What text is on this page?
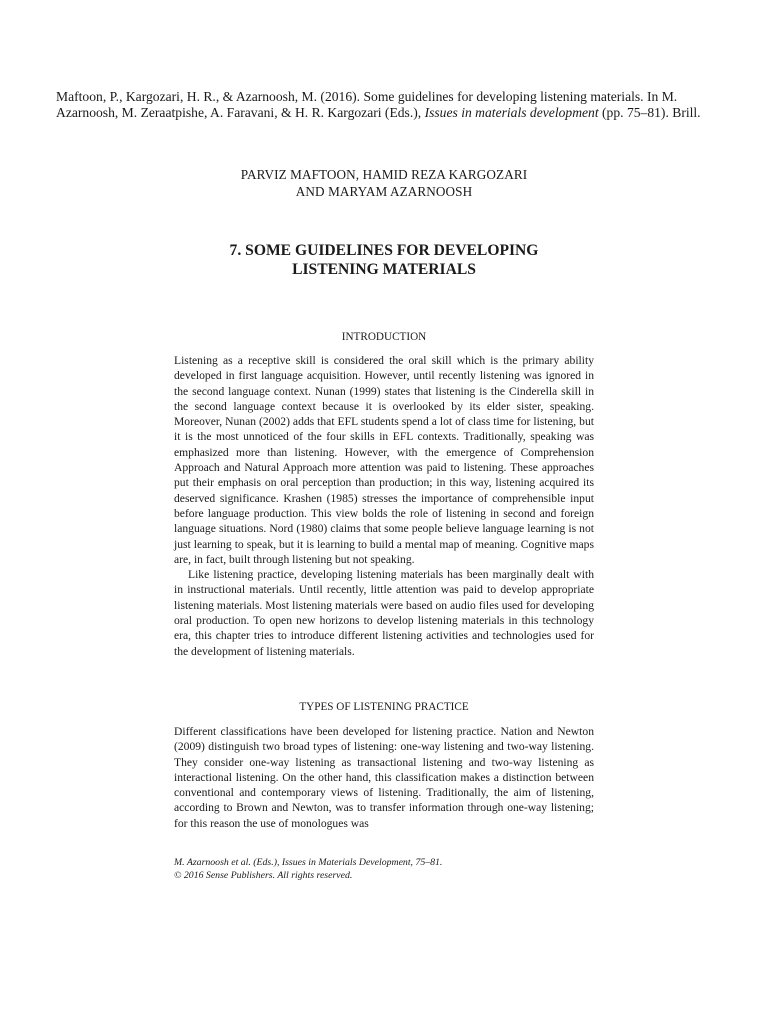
Maftoon, P., Kargozari, H. R., & Azarnoosh, M. (2016). Some guidelines for developing listening materials. In M. Azarnoosh, M. Zeraatpishe, A. Faravani, & H. R. Kargozari (Eds.), Issues in materials development (pp. 75–81). Brill.
PARVIZ MAFTOON, HAMID REZA KARGOZARI
AND MARYAM AZARNOOSH
7. SOME GUIDELINES FOR DEVELOPING
LISTENING MATERIALS
INTRODUCTION

Listening as a receptive skill is considered the oral skill which is the primary ability developed in first language acquisition. However, until recently listening was ignored in the second language context. Nunan (1999) states that listening is the Cinderella skill in the second language context because it is overlooked by its elder sister, speaking. Moreover, Nunan (2002) adds that EFL students spend a lot of class time for listening, but it is the most unnoticed of the four skills in EFL contexts. Traditionally, speaking was emphasized more than listening. However, with the emergence of Comprehension Approach and Natural Approach more attention was paid to listening. These approaches put their emphasis on oral perception than production; in this way, listening acquired its deserved significance. Krashen (1985) stresses the importance of comprehensible input before language production. This view bolds the role of listening in second and foreign language situations. Nord (1980) claims that some people believe language learning is not just learning to speak, but it is learning to build a mental map of meaning. Cognitive maps are, in fact, built through listening but not speaking.

Like listening practice, developing listening materials has been marginally dealt with in instructional materials. Until recently, little attention was paid to develop appropriate listening materials. Most listening materials were based on audio files used for developing oral production. To open new horizons to develop listening materials in this technology era, this chapter tries to introduce different listening activities and technologies used for the development of listening materials.

TYPES OF LISTENING PRACTICE

Different classifications have been developed for listening practice. Nation and Newton (2009) distinguish two broad types of listening: one-way listening and two-way listening. They consider one-way listening as transactional listening and two-way listening as interactional listening. On the other hand, this classification makes a distinction between conventional and contemporary views of listening. Traditionally, the aim of listening, according to Brown and Newton, was to transfer information through one-way listening; for this reason the use of monologues was

M. Azarnoosh et al. (Eds.), Issues in Materials Development, 75–81.
© 2016 Sense Publishers. All rights reserved.
